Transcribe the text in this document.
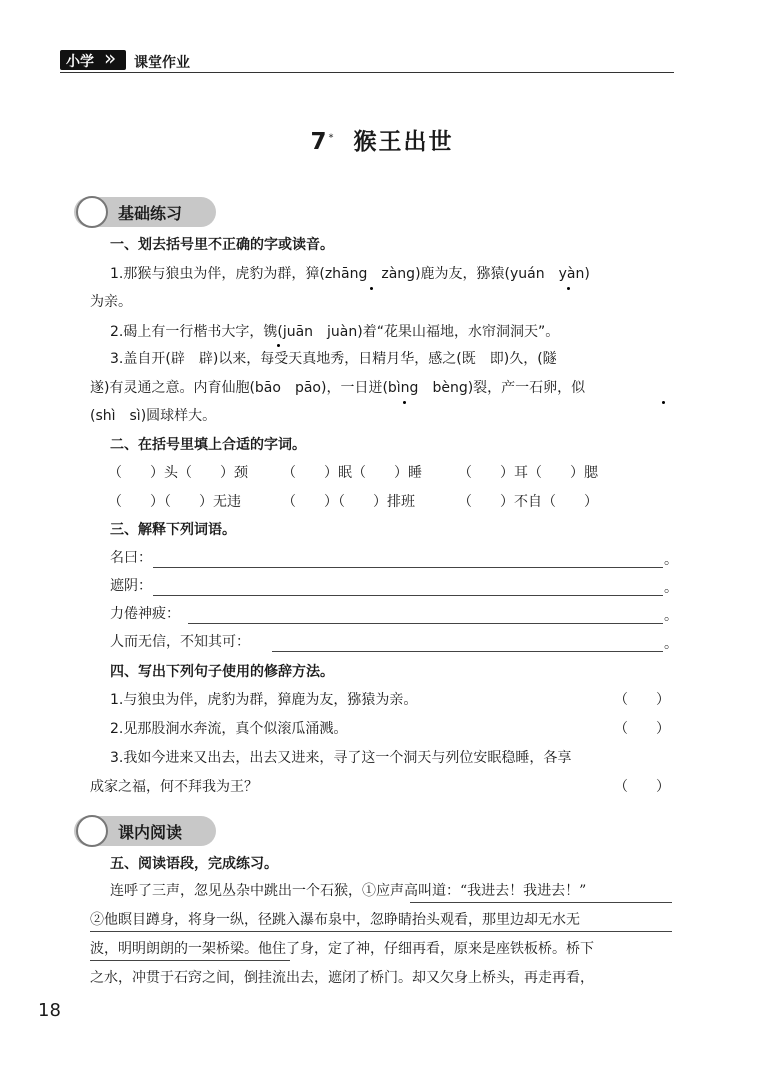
小学 » 课堂作业
7* 猴王出世
基础练习
一、划去括号里不正确的字或读音。
1.那猴与狼虫为伴，虎豹为群，獐(zhāng　zàng)鹿为友，猕猿(yuán　yàn)
为亲。
2.碣上有一行楷书大字，镌(juān　juàn)着“花果山福地，水帘洞洞天”。
3.盖自开(辟　辟)以来，每受天真地秀，日精月华，感之(既　即)久，(隧
遂)有灵通之意。内育仙胞(bāo　pāo)，一日迸(bìng　bèng)裂，产一石卵，似
(shì　sì)圆球样大。
二、在括号里填上合适的字词。
（　　）头（　　）颈 （　　）眠（　　）睡	（　　）耳（　　）腮
（　　）（　　）无违	（　　）（　　）排班	（　　）不自（　　）
三、解释下列词语。
名曰：	。
遮阴：	。
力倦神疲：	。
人而无信，不知其可：	。
四、写出下列句子使用的修辞方法。
1.与狼虫为伴，虎豹为群，獐鹿为友，猕猿为亲。	（　　）
2.见那股涧水奔流，真个似滚瓜涌溅。	（　　）
3.我如今进来又出去，出去又进来，寻了这一个洞天与列位安眠稳睡，各享
成家之福，何不拜我为王？	（　　）
课内阅读
五、阅读语段，完成练习。
连呼了三声，忽见丛杂中跳出一个石猴，①应声高叫道：“我进去！我进去！”
②他瞑目蹲身，将身一纵，径跳入瀑布泉中，忽睁睛抬头观看，那里边却无水无
波，明明朗朗的一架桥梁。他住了身，定了神，仔细再看，原来是座铁板桥。桥下
之水，冲贯于石窍之间，倒挂流出去，遮闭了桥门。却又欠身上桥头，再走再看，
18
